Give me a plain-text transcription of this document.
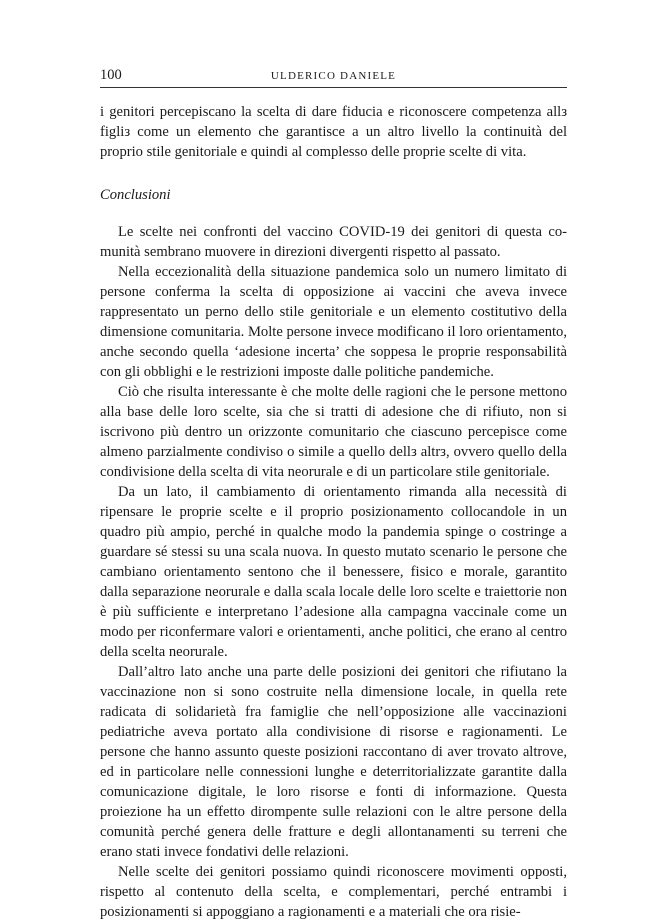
100	ULDERICO DANIELE

i genitori percepiscano la scelta di dare fiducia e riconoscere competenza allз figliз come un elemento che garantisce a un altro livello la continuità del proprio stile genitoriale e quindi al complesso delle proprie scelte di vita.

Conclusioni

Le scelte nei confronti del vaccino COVID-19 dei genitori di questa comunità sembrano muovere in direzioni divergenti rispetto al passato.

Nella eccezionalità della situazione pandemica solo un numero limitato di persone conferma la scelta di opposizione ai vaccini che aveva invece rappresentato un perno dello stile genitoriale e un elemento costitutivo della dimensione comunitaria. Molte persone invece modificano il loro orientamento, anche secondo quella ‘adesione incerta’ che soppesa le proprie responsabilità con gli obblighi e le restrizioni imposte dalle politiche pandemiche.

Ciò che risulta interessante è che molte delle ragioni che le persone mettono alla base delle loro scelte, sia che si tratti di adesione che di rifiuto, non si iscrivono più dentro un orizzonte comunitario che ciascuno percepisce come almeno parzialmente condiviso o simile a quello dellз altrз, ovvero quello della condivisione della scelta di vita neorurale e di un particolare stile genitoriale.

Da un lato, il cambiamento di orientamento rimanda alla necessità di ripensare le proprie scelte e il proprio posizionamento collocandole in un quadro più ampio, perché in qualche modo la pandemia spinge o costringe a guardare sé stessi su una scala nuova. In questo mutato scenario le persone che cambiano orientamento sentono che il benessere, fisico e morale, garantito dalla separazione neorurale e dalla scala locale delle loro scelte e traiettorie non è più sufficiente e interpretano l’adesione alla campagna vaccinale come un modo per riconfermare valori e orientamenti, anche politici, che erano al centro della scelta neorurale.

Dall’altro lato anche una parte delle posizioni dei genitori che rifiutano la vaccinazione non si sono costruite nella dimensione locale, in quella rete radicata di solidarietà fra famiglie che nell’opposizione alle vaccinazioni pediatriche aveva portato alla condivisione di risorse e ragionamenti. Le persone che hanno assunto queste posizioni raccontano di aver trovato altrove, ed in particolare nelle connessioni lunghe e deterritorializzate garantite dalla comunicazione digitale, le loro risorse e fonti di informazione. Questa proiezione ha un effetto dirompente sulle relazioni con le altre persone della comunità perché genera delle fratture e degli allontanamenti su terreni che erano stati invece fondativi delle relazioni.

Nelle scelte dei genitori possiamo quindi riconoscere movimenti opposti, rispetto al contenuto della scelta, e complementari, perché entrambi i posizionamenti si appoggiano a ragionamenti e a materiali che ora risie-
